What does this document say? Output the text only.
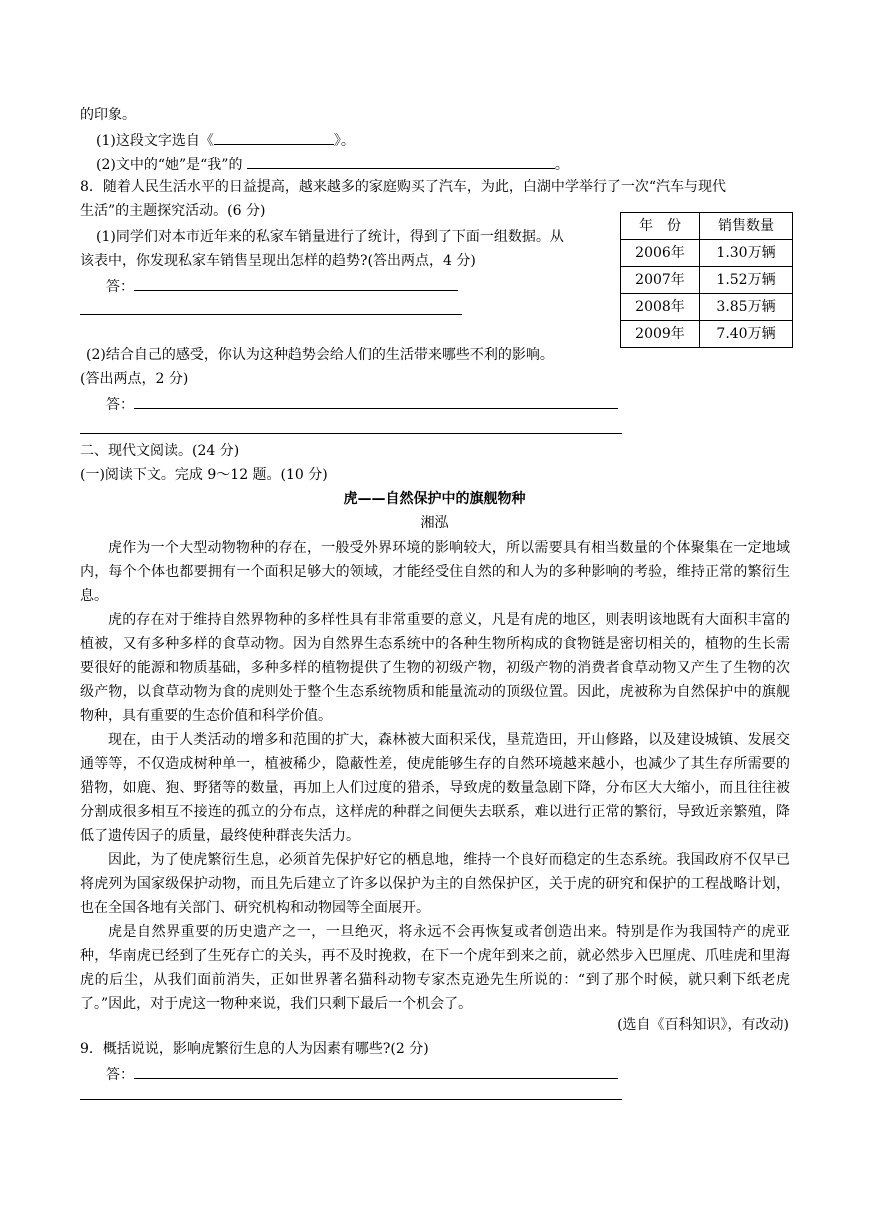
的印象。
(1)这段文字选自《	》。
(2)文中的“她”是“我”的	。
8．随着人民生活水平的日益提高，越来越多的家庭购买了汽车，为此，白湖中学举行了一次“汽车与现代
生活”的主题探究活动。(6 分)
(1)同学们对本市近年来的私家车销量进行了统计，得到了下面一组数据。从
该表中，你发现私家车销售呈现出怎样的趋势?(答出两点，4 分)
答：
年　份	销售数量
2006年	1.30万辆
2007年	1.52万辆
2008年	3.85万辆
2009年	7.40万辆
(2)结合自己的感受，你认为这种趋势会给人们的生活带来哪些不利的影响。
(答出两点，2 分)
答：
二、现代文阅读。(24 分)
(一)阅读下文。完成 9～12 题。(10 分)
虎——自然保护中的旗舰物种
湘泓
虎作为一个大型动物物种的存在，一般受外界环境的影响较大，所以需要具有相当数量的个体聚集在一定地域内，每个个体也都要拥有一个面积足够大的领域，才能经受住自然的和人为的多种影响的考验，维持正常的繁衍生息。
虎的存在对于维持自然界物种的多样性具有非常重要的意义，凡是有虎的地区，则表明该地既有大面积丰富的植被，又有多种多样的食草动物。因为自然界生态系统中的各种生物所构成的食物链是密切相关的，植物的生长需要很好的能源和物质基础，多种多样的植物提供了生物的初级产物，初级产物的消费者食草动物又产生了生物的次级产物，以食草动物为食的虎则处于整个生态系统物质和能量流动的顶级位置。因此，虎被称为自然保护中的旗舰物种，具有重要的生态价值和科学价值。
现在，由于人类活动的增多和范围的扩大，森林被大面积采伐，垦荒造田，开山修路，以及建设城镇、发展交通等等，不仅造成树种单一，植被稀少，隐蔽性差，使虎能够生存的自然环境越来越小，也减少了其生存所需要的猎物，如鹿、狍、野猪等的数量，再加上人们过度的猎杀，导致虎的数量急剧下降，分布区大大缩小，而且往往被分割成很多相互不接连的孤立的分布点，这样虎的种群之间便失去联系，难以进行正常的繁衍，导致近亲繁殖，降低了遗传因子的质量，最终使种群丧失活力。
因此，为了使虎繁衍生息，必须首先保护好它的栖息地，维持一个良好而稳定的生态系统。我国政府不仅早已将虎列为国家级保护动物，而且先后建立了许多以保护为主的自然保护区，关于虎的研究和保护的工程战略计划，也在全国各地有关部门、研究机构和动物园等全面展开。
虎是自然界重要的历史遗产之一，一旦绝灭，将永远不会再恢复或者创造出来。特别是作为我国特产的虎亚种，华南虎已经到了生死存亡的关头，再不及时挽救，在下一个虎年到来之前，就必然步入巴厘虎、爪哇虎和里海虎的后尘，从我们面前消失，正如世界著名猫科动物专家杰克逊先生所说的：“到了那个时候，就只剩下纸老虎了。”因此，对于虎这一物种来说，我们只剩下最后一个机会了。
(选自《百科知识》，有改动)
9．概括说说，影响虎繁衍生息的人为因素有哪些?(2 分)
答：
